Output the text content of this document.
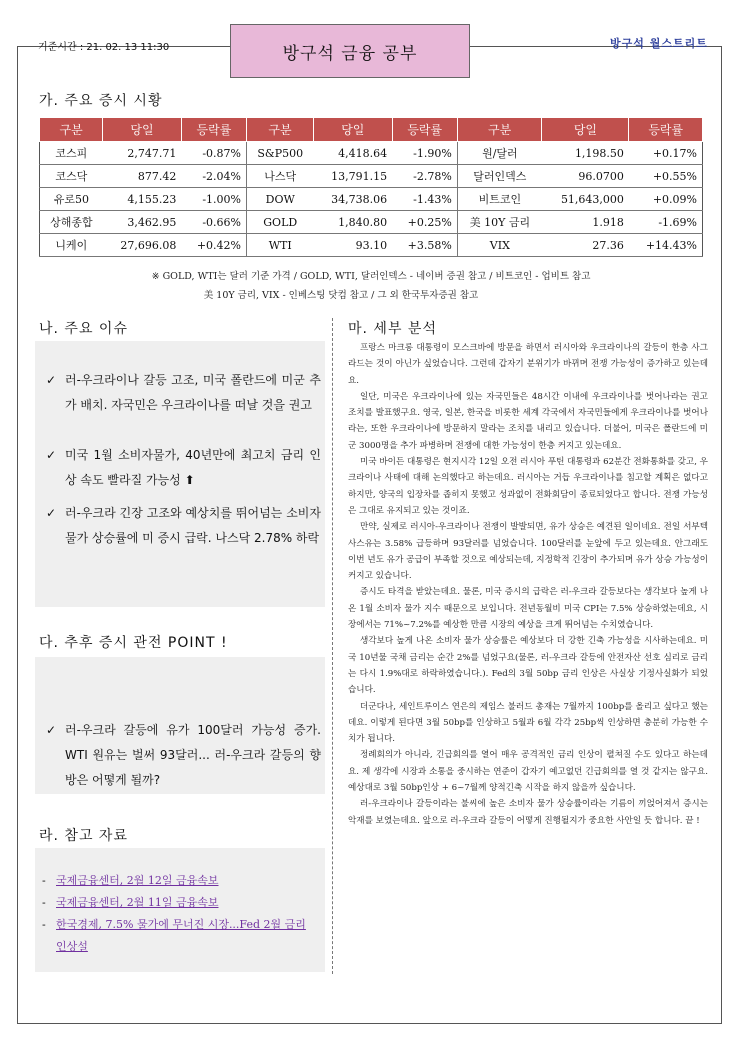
기준시간 : 21. 02. 13 11:30	방구석 금융 공부	방구석 월스트리트
가. 주요 증시 시황
구분	당일	등락률	구분	당일	등락률	구분	당일	등락률
코스피	2,747.71	-0.87%	S&P500	4,418.64	-1.90%	원/달러	1,198.50	+0.17%
코스닥	877.42	-2.04%	나스닥	13,791.15	-2.78%	달러인덱스	96.0700	+0.55%
유로50	4,155.23	-1.00%	DOW	34,738.06	-1.43%	비트코인	51,643,000	+0.09%
상해종합	3,462.95	-0.66%	GOLD	1,840.80	+0.25%	美 10Y 금리	1.918	-1.69%
니케이	27,696.08	+0.42%	WTI	93.10	+3.58%	VIX	27.36	+14.43%
※ GOLD, WTI는 달러 기준 가격 / GOLD, WTI, 달러인덱스 - 네이버 증권 참고 / 비트코인 - 업비트 참고
美 10Y 금리, VIX - 인베스팅 닷컴 참고 / 그 외 한국투자증권 참고
나. 주요 이슈
✓ 러-우크라이나 갈등 고조, 미국 폴란드에 미군 추가 배치. 자국민은 우크라이나를 떠날 것을 권고
✓ 미국 1월 소비자물가, 40년만에 최고치 금리 인상 속도 빨라질 가능성 ⬆
✓ 러-우크라 긴장 고조와 예상치를 뛰어넘는 소비자 물가 상승률에 미 증시 급락. 나스닥 2.78% 하락
다. 추후 증시 관전 POINT !
✓ 러-우크라 갈등에 유가 100달러 가능성 증가. WTI 원유는 벌써 93달러... 러-우크라 갈등의 향방은 어떻게 될까?
라. 참고 자료
- 국제금융센터, 2월 12일 금융속보
- 국제금융센터, 2월 11일 금융속보
- 한국경제, 7.5% 물가에 무너진 시장...Fed 2월 금리 인상설
마. 세부 분석

프랑스 마크롱 대통령이 모스크바에 방문을 하면서 러시아와 우크라이나의 갈등이 한층 사그라드는 것이 아닌가 싶었습니다. 그런데 갑자기 분위기가 바뀌며 전쟁 가능성이 증가하고 있는데요.

일단, 미국은 우크라이나에 있는 자국민들은 48시간 이내에 우크라이나를 벗어나라는 권고 조치를 발표했구요. 영국, 일본, 한국을 비롯한 세계 각국에서 자국민들에게 우크라이나를 벗어나라는, 또한 우크라이나에 방문하지 말라는 조치를 내리고 있습니다. 더불어, 미국은 폴란드에 미군 3000명을 추가 파병하며 전쟁에 대한 가능성이 한층 커지고 있는데요.

미국 바이든 대통령은 현지시각 12일 오전 러시아 푸틴 대통령과 62분간 전화통화를 갖고, 우크라이나 사태에 대해 논의했다고 하는데요. 러시아는 거듭 우크라이나를 침고할 계획은 없다고 하지만, 양국의 입장차를 좁히지 못했고 성과없이 전화회담이 종료되었다고 합니다. 전쟁 가능성은 그대로 유지되고 있는 것이죠.

만약, 실제로 러시아-우크라이나 전쟁이 발발되면, 유가 상승은 예견된 일이네요. 전일 서부텍사스유는 3.58% 급등하며 93달러를 넘었습니다. 100달러를 눈앞에 두고 있는데요. 안그래도 이번 년도 유가 공급이 부족할 것으로 예상되는데, 지정학적 긴장이 추가되며 유가 상승 가능성이 커지고 있습니다.

증시도 타격을 받았는데요. 물론, 미국 증시의 급락은 러-우크라 갈등보다는 생각보다 높게 나온 1월 소비자 물가 지수 때문으로 보입니다. 전년동월비 미국 CPI는 7.5% 상승하였는데요, 시장에서는 71%~7.2%를 예상한 만큼 시장의 예상을 크게 뛰어넘는 수치였습니다.

생각보다 높게 나온 소비자 물가 상승률은 예상보다 더 강한 긴축 가능성을 시사하는데요. 미국 10년물 국채 금리는 순간 2%를 넘었구요(물론, 러-우크라 갈등에 안전자산 선호 심리로 금리는 다시 1.9%대로 하락하였습니다.). Fed의 3월 50bp 금리 인상은 사실상 기정사실화가 되었습니다.

더군다나, 세인트루이스 연은의 제임스 불러드 총재는 7월까지 100bp를 올리고 싶다고 했는데요. 이렇게 된다면 3월 50bp를 인상하고 5월과 6월 각각 25bp씩 인상하면 충분히 가능한 수치가 됩니다.

정례회의가 아니라, 긴급회의를 열어 매우 공격적인 금리 인상이 펼쳐질 수도 있다고 하는데요. 제 생각에 시장과 소통을 중시하는 연준이 갑자기 예고없던 긴급회의를 열 것 같지는 않구요. 예상대로 3월 50bp인상 + 6~7월께 양적긴축 시작을 하지 않을까 싶습니다.

러-우크라이나 갈등이라는 불씨에 높은 소비자 물가 상승률이라는 기름이 끼얹어져서 증시는 악재를 보였는데요. 앞으로 러-우크라 갈등이 어떻게 진행될지가 중요한 사안일 듯 합니다. 끝 !
